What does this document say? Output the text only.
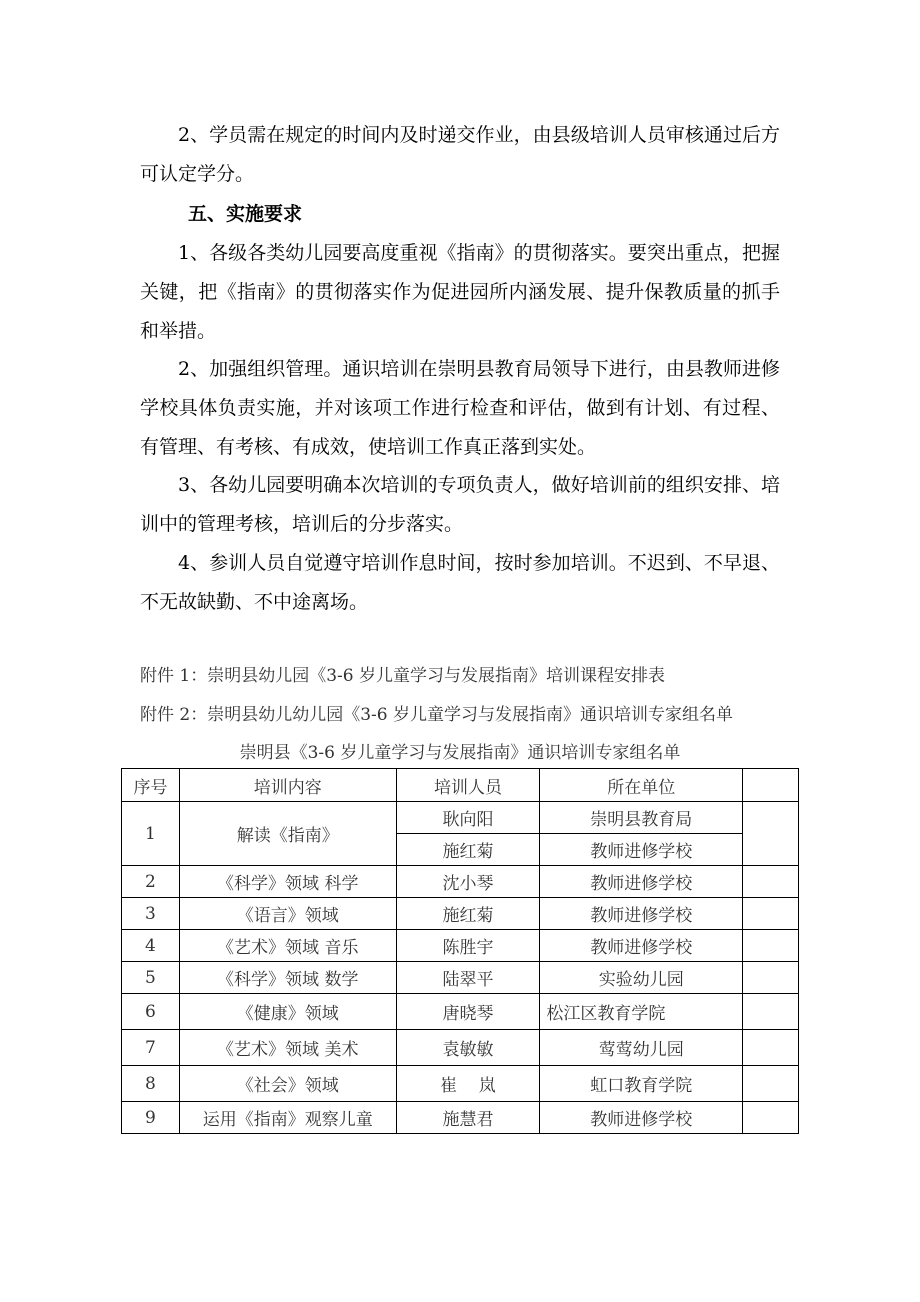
2、学员需在规定的时间内及时递交作业，由县级培训人员审核通过后方可认定学分。

五、实施要求

1、各级各类幼儿园要高度重视《指南》的贯彻落实。要突出重点，把握关键，把《指南》的贯彻落实作为促进园所内涵发展、提升保教质量的抓手和举措。

2、加强组织管理。通识培训在崇明县教育局领导下进行，由县教师进修学校具体负责实施，并对该项工作进行检查和评估，做到有计划、有过程、有管理、有考核、有成效，使培训工作真正落到实处。

3、各幼儿园要明确本次培训的专项负责人，做好培训前的组织安排、培训中的管理考核，培训后的分步落实。

4、参训人员自觉遵守培训作息时间，按时参加培训。不迟到、不早退、不无故缺勤、不中途离场。

附件 1：崇明县幼儿园《3-6 岁儿童学习与发展指南》培训课程安排表

附件 2：崇明县幼儿幼儿园《3-6 岁儿童学习与发展指南》通识培训专家组名单

崇明县《3-6 岁儿童学习与发展指南》通识培训专家组名单

序号	培训内容	培训人员	所在单位	
1	解读《指南》	耿向阳	崇明县教育局	
		施红菊	教师进修学校	
2	《科学》领域 科学	沈小琴	教师进修学校	
3	《语言》领域	施红菊	教师进修学校	
4	《艺术》领域 音乐	陈胜宇	教师进修学校	
5	《科学》领域 数学	陆翠平	实验幼儿园	
6	《健康》领域	唐晓琴	松江区教育学院	
7	《艺术》领域 美术	袁敏敏	莺莺幼儿园	
8	《社会》领域	崔    岚	虹口教育学院	
9	运用《指南》观察儿童	施慧君	教师进修学校	
